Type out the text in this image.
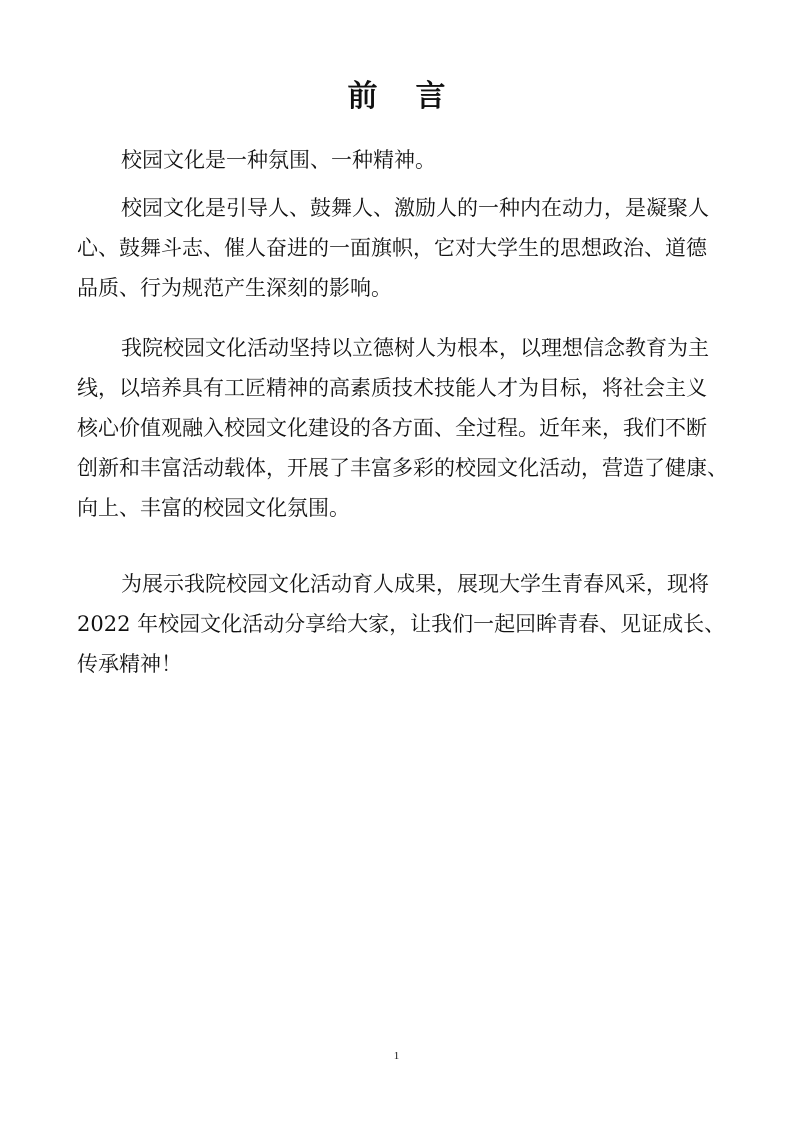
前 言
校园文化是一种氛围、一种精神。
校园文化是引导人、鼓舞人、激励人的一种内在动力，是凝聚人
心、鼓舞斗志、催人奋进的一面旗帜，它对大学生的思想政治、道德
品质、行为规范产生深刻的影响。
我院校园文化活动坚持以立德树人为根本，以理想信念教育为主
线，以培养具有工匠精神的高素质技术技能人才为目标，将社会主义
核心价值观融入校园文化建设的各方面、全过程。近年来，我们不断
创新和丰富活动载体，开展了丰富多彩的校园文化活动，营造了健康、
向上、丰富的校园文化氛围。
为展示我院校园文化活动育人成果，展现大学生青春风采，现将
2022 年校园文化活动分享给大家，让我们一起回眸青春、见证成长、
传承精神！
1
